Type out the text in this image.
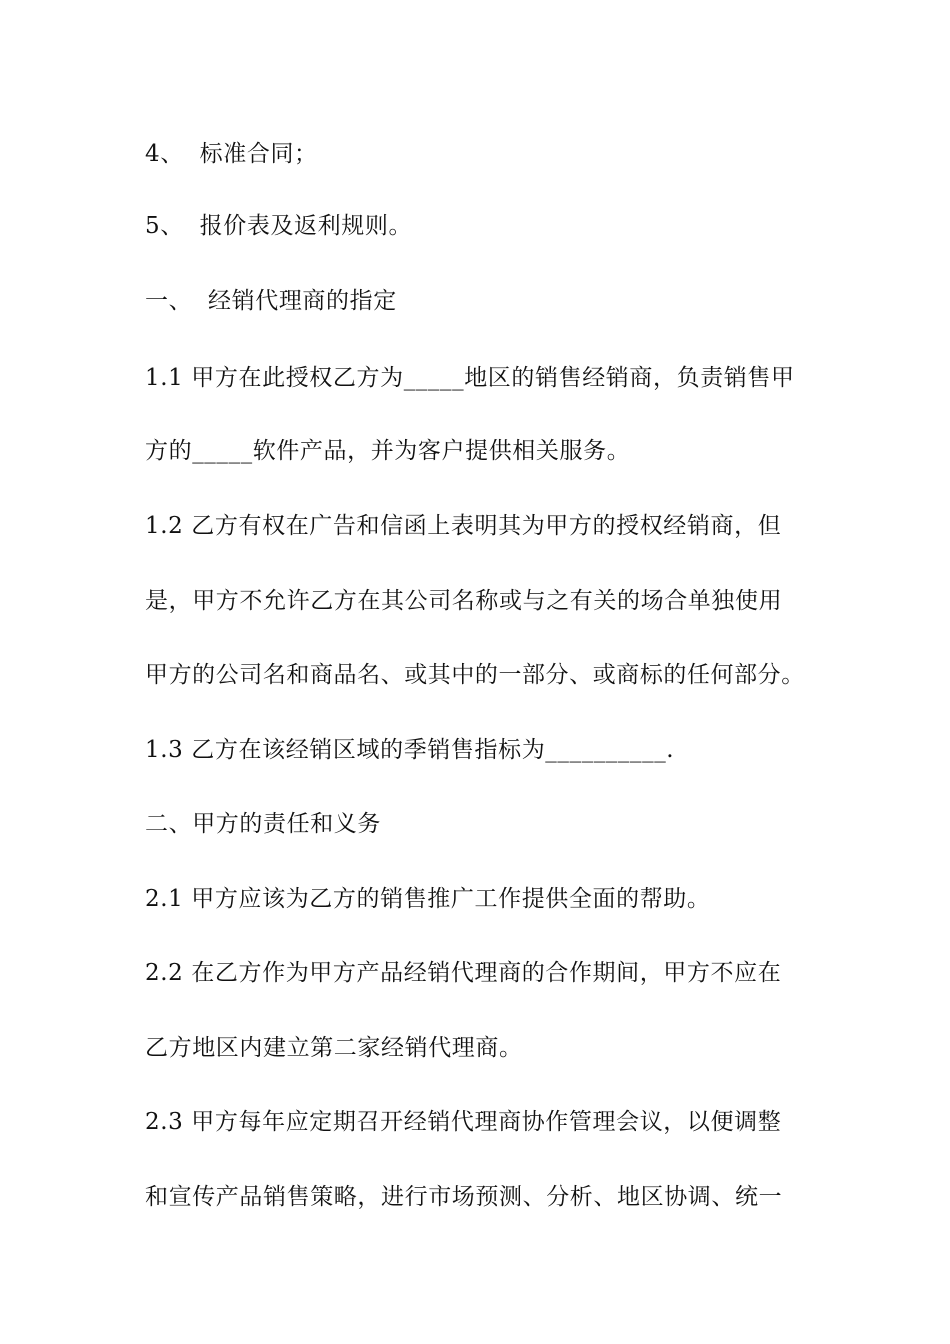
4、  标准合同；
5、  报价表及返利规则。
一、  经销代理商的指定
1.1 甲方在此授权乙方为_____地区的销售经销商，负责销售甲
方的_____软件产品，并为客户提供相关服务。
1.2 乙方有权在广告和信函上表明其为甲方的授权经销商，但
是，甲方不允许乙方在其公司名称或与之有关的场合单独使用
甲方的公司名和商品名、或其中的一部分、或商标的任何部分。
1.3 乙方在该经销区域的季销售指标为__________.
二、甲方的责任和义务
2.1 甲方应该为乙方的销售推广工作提供全面的帮助。
2.2 在乙方作为甲方产品经销代理商的合作期间，甲方不应在
乙方地区内建立第二家经销代理商。
2.3 甲方每年应定期召开经销代理商协作管理会议，以便调整
和宣传产品销售策略，进行市场预测、分析、地区协调、统一
